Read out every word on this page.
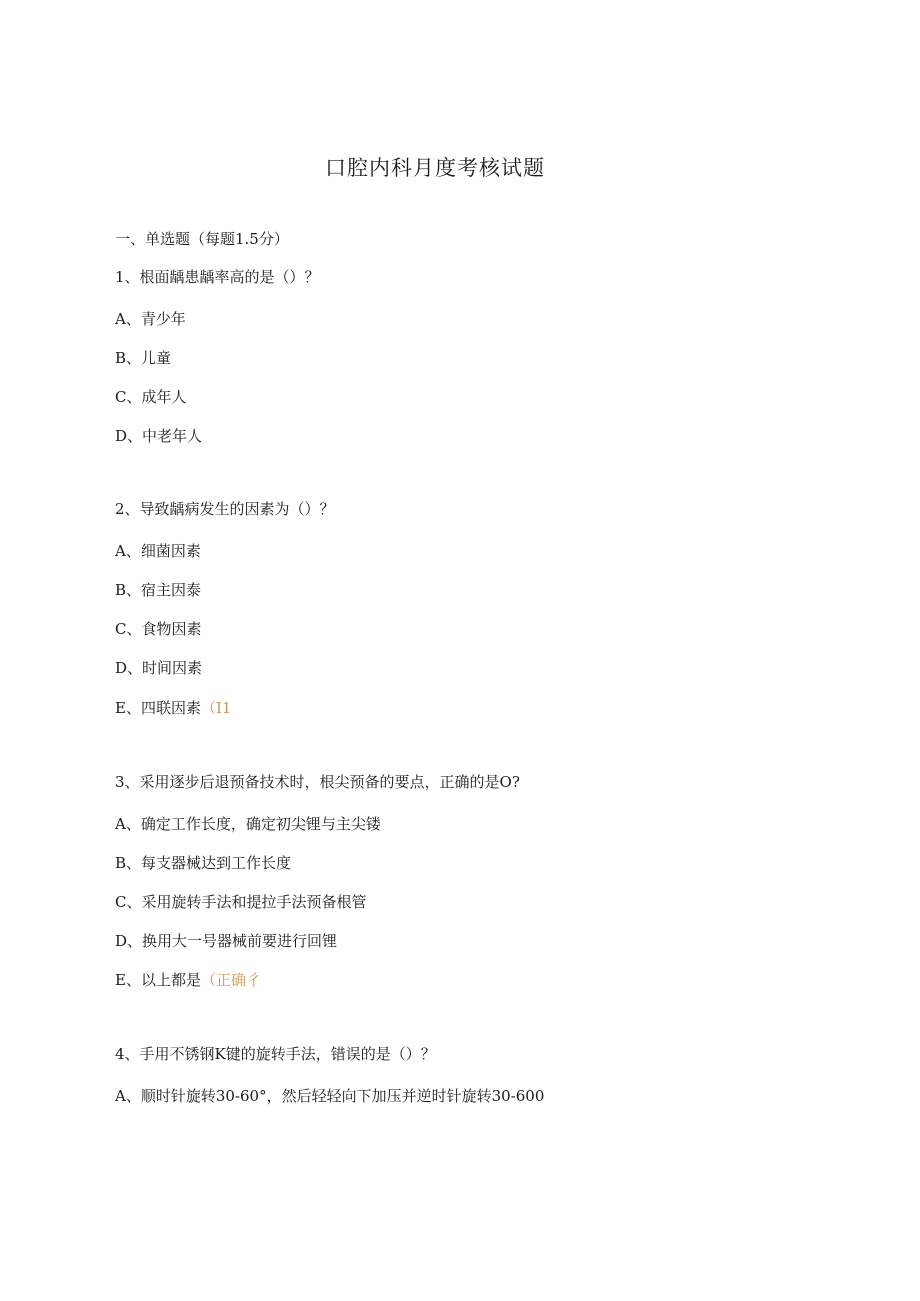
口腔内科月度考核试题
一、单选题（每题1.5分）
1、根面龋患龋率高的是（）？
A、青少年
B、儿童
C、成年人
D、中老年人
2、导致龋病发生的因素为（）？
A、细菌因素
B、宿主因泰
C、食物因素
D、时间因素
E、四联因素（I1
3、采用逐步后退预备技术时，根尖预备的要点，正确的是O?
A、确定工作长度，确定初尖锂与主尖镂
B、每支器械达到工作长度
C、采用旋转手法和提拉手法预备根管
D、换用大一号器械前要进行回锂
E、以上都是（正确彳
4、手用不锈钢K键的旋转手法，错误的是（）？
A、顺时针旋转30-60°，然后轻轻向下加压并逆时针旋转30-600
